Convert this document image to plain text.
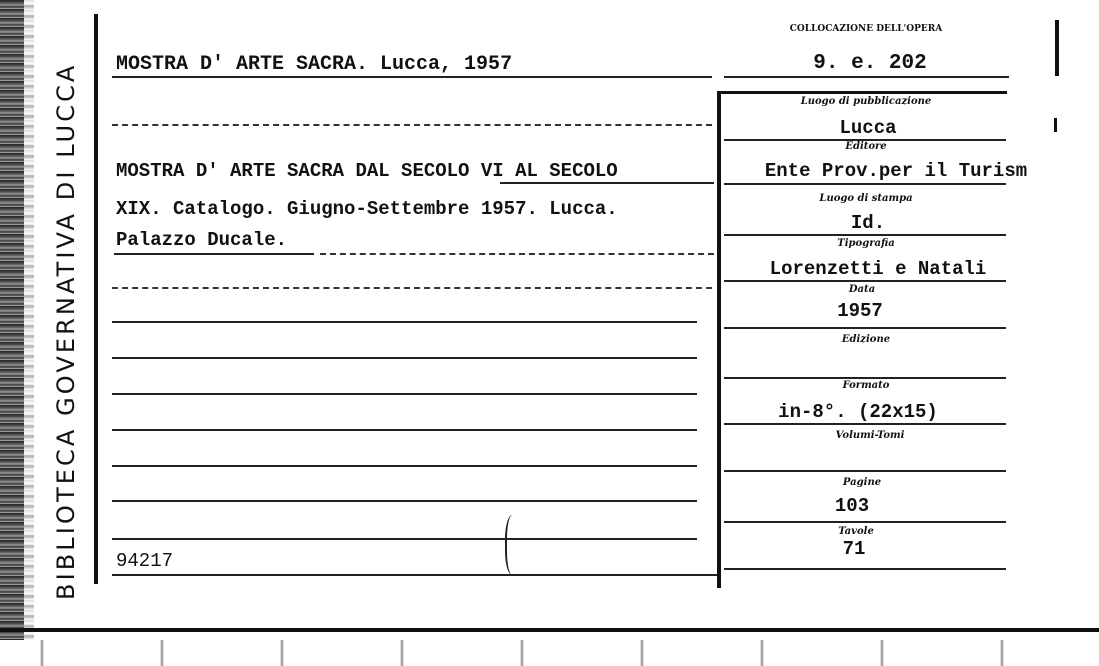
BIBLIOTECA GOVERNATIVA DI LUCCA MOSTRA D' ARTE SACRA. Lucca, 1957
MOSTRA D' ARTE SACRA DAL SECOLO VI AL SECOLO
XIX. Catalogo. Giugno-Settembre 1957. Lucca.
Palazzo Ducale.
94217
COLLOCAZIONE DELL'OPERA
9. e. 202
Luogo di pubblicazione
Lucca
Editore
Ente Prov.per il Turism
Luogo di stampa
Id.
Tipografia
Lorenzetti e Natali
Data
1957
Edizione
Formato
in-8°. (22x15)
Volumi-Tomi
Pagine
103
Tavole
71
